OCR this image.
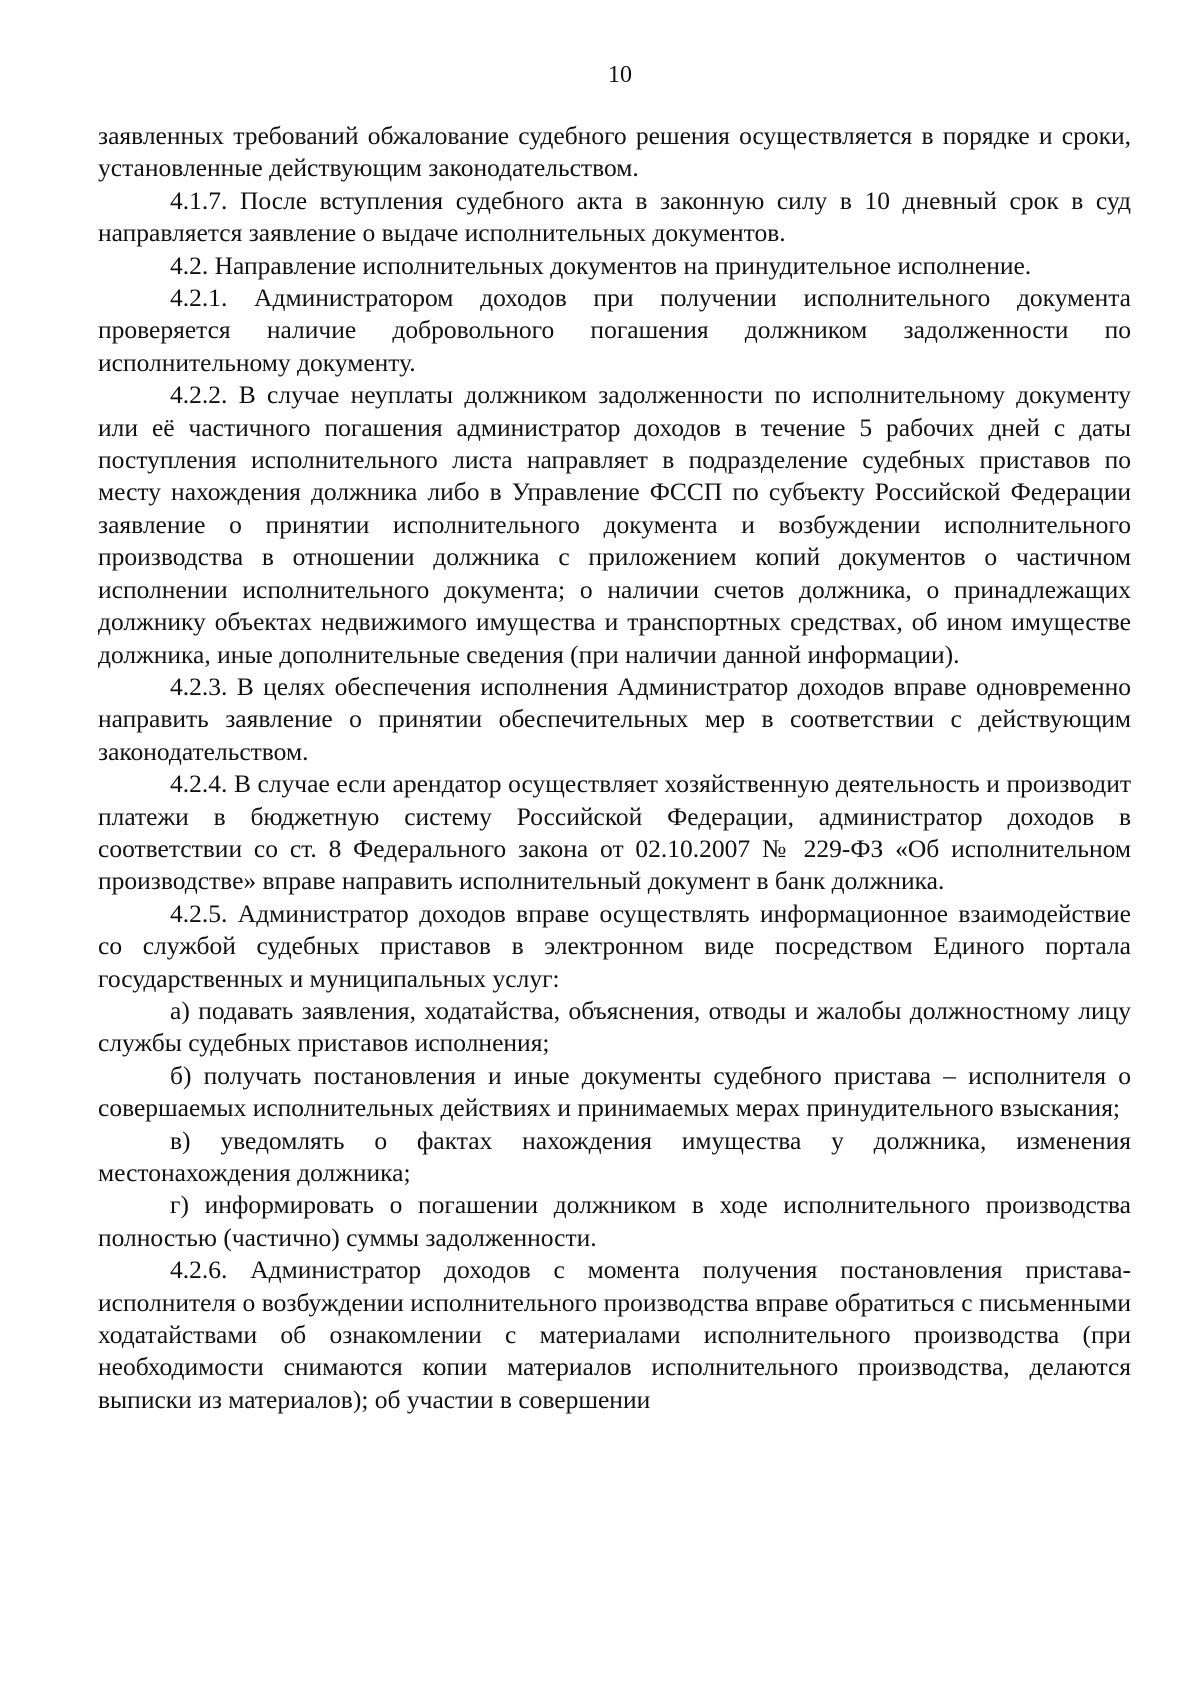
10

заявленных требований обжалование судебного решения осуществляется в порядке и сроки, установленные действующим законодательством.

4.1.7. После вступления судебного акта в законную силу в 10 дневный срок в суд направляется заявление о выдаче исполнительных документов.

4.2. Направление исполнительных документов на принудительное исполнение.

4.2.1. Администратором доходов при получении исполнительного документа проверяется наличие добровольного погашения должником задолженности по исполнительному документу.

4.2.2. В случае неуплаты должником задолженности по исполнительному документу или её частичного погашения администратор доходов в течение 5 рабочих дней с даты поступления исполнительного листа направляет в подразделение судебных приставов по месту нахождения должника либо в Управление ФССП по субъекту Российской Федерации заявление о принятии исполнительного документа и возбуждении исполнительного производства в отношении должника с приложением копий документов о частичном исполнении исполнительного документа; о наличии счетов должника, о принадлежащих должнику объектах недвижимого имущества и транспортных средствах, об ином имуществе должника, иные дополнительные сведения (при наличии данной информации).

4.2.3. В целях обеспечения исполнения Администратор доходов вправе одновременно направить заявление о принятии обеспечительных мер в соответствии с действующим законодательством.

4.2.4. В случае если арендатор осуществляет хозяйственную деятельность и производит платежи в бюджетную систему Российской Федерации, администратор доходов в соответствии со ст. 8 Федерального закона от 02.10.2007 № 229-ФЗ «Об исполнительном производстве» вправе направить исполнительный документ в банк должника.

4.2.5. Администратор доходов вправе осуществлять информационное взаимодействие со службой судебных приставов в электронном виде посредством Единого портала государственных и муниципальных услуг:

а) подавать заявления, ходатайства, объяснения, отводы и жалобы должностному лицу службы судебных приставов исполнения;

б) получать постановления и иные документы судебного пристава – исполнителя о совершаемых исполнительных действиях и принимаемых мерах принудительного взыскания;

в) уведомлять о фактах нахождения имущества у должника, изменения местонахождения должника;

г) информировать о погашении должником в ходе исполнительного производства полностью (частично) суммы задолженности.

4.2.6. Администратор доходов с момента получения постановления пристава-исполнителя о возбуждении исполнительного производства вправе обратиться с письменными ходатайствами об ознакомлении с материалами исполнительного производства (при необходимости снимаются копии материалов исполнительного производства, делаются выписки из материалов); об участии в совершении
